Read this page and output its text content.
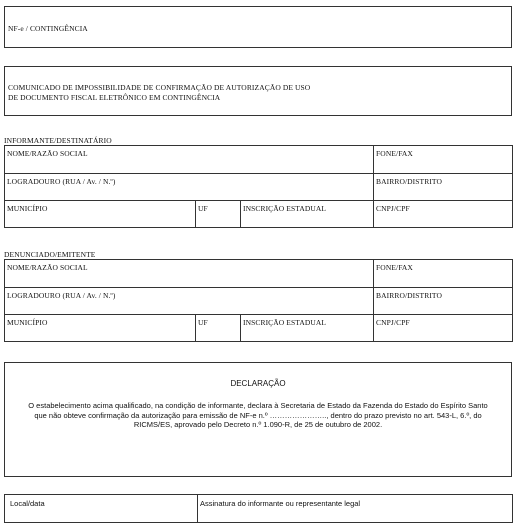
NF-e / CONTINGÊNCIA
COMUNICADO DE IMPOSSIBILIDADE DE CONFIRMAÇÃO DE AUTORIZAÇÃO DE USO
DE DOCUMENTO FISCAL ELETRÔNICO EM CONTINGÊNCIA
INFORMANTE/DESTINATÁRIO
NOME/RAZÃO SOCIAL			FONE/FAX
LOGRADOURO (RUA / Av. / N.º)			BAIRRO/DISTRITO
MUNICÍPIO	UF	INSCRIÇÃO ESTADUAL	CNPJ/CPF
DENUNCIADO/EMITENTE
NOME/RAZÃO SOCIAL			FONE/FAX
LOGRADOURO (RUA / Av. / N.º)			BAIRRO/DISTRITO
MUNICÍPIO	UF	INSCRIÇÃO ESTADUAL	CNPJ/CPF
DECLARAÇÃO
O estabelecimento acima qualificado, na condição de informante, declara à Secretaria de Estado da Fazenda do Estado do Espírito Santo que não obteve confirmação da autorização para emissão de NF-e n.º ………………….., dentro do prazo previsto no art. 543-L, 6.º, do RICMS/ES, aprovado pelo Decreto n.º 1.090-R, de 25 de outubro de 2002.
Local/data	Assinatura do informante ou representante legal
